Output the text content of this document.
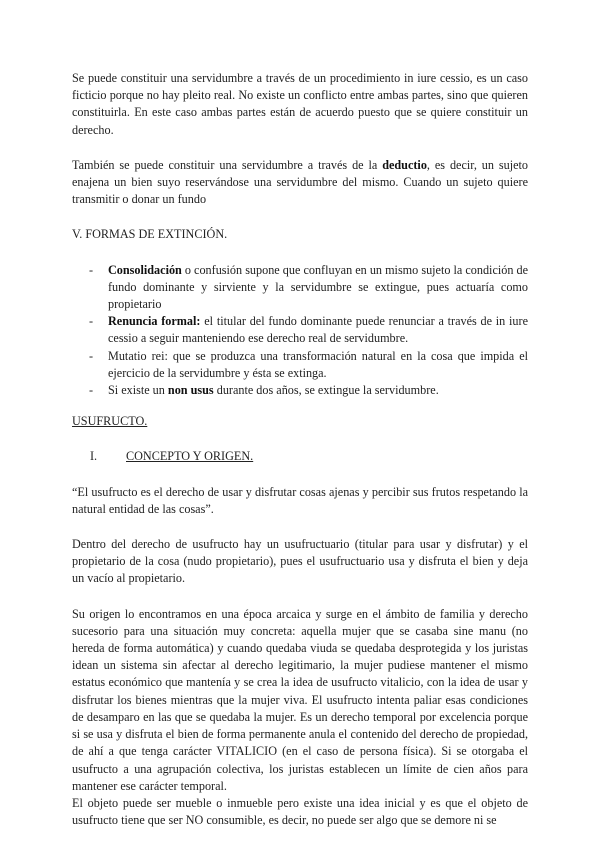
Se puede constituir una servidumbre a través de un procedimiento in iure cessio, es un caso ficticio porque no hay pleito real. No existe un conflicto entre ambas partes, sino que quieren constituirla. En este caso ambas partes están de acuerdo puesto que se quiere constituir un derecho.

También se puede constituir una servidumbre a través de la deductio, es decir, un sujeto enajena un bien suyo reservándose una servidumbre del mismo. Cuando un sujeto quiere transmitir o donar un fundo

V. FORMAS DE EXTINCIÓN.

- Consolidación o confusión supone que confluyan en un mismo sujeto la condición de fundo dominante y sirviente y la servidumbre se extingue, pues actuaría como propietario
- Renuncia formal: el titular del fundo dominante puede renunciar a través de in iure cessio a seguir manteniendo ese derecho real de servidumbre.
- Mutatio rei: que se produzca una transformación natural en la cosa que impida el ejercicio de la servidumbre y ésta se extinga.
- Si existe un non usus durante dos años, se extingue la servidumbre.

USUFRUCTO.

I.	CONCEPTO Y ORIGEN.

“El usufructo es el derecho de usar y disfrutar cosas ajenas y percibir sus frutos respetando la natural entidad de las cosas”.

Dentro del derecho de usufructo hay un usufructuario (titular para usar y disfrutar) y el propietario de la cosa (nudo propietario), pues el usufructuario usa y disfruta el bien y deja un vacío al propietario.

Su origen lo encontramos en una época arcaica y surge en el ámbito de familia y derecho sucesorio para una situación muy concreta: aquella mujer que se casaba sine manu (no hereda de forma automática) y cuando quedaba viuda se quedaba desprotegida y los juristas idean un sistema sin afectar al derecho legitimario, la mujer pudiese mantener el mismo estatus económico que mantenía y se crea la idea de usufructo vitalicio, con la idea de usar y disfrutar los bienes mientras que la mujer viva. El usufructo intenta paliar esas condiciones de desamparo en las que se quedaba la mujer. Es un derecho temporal por excelencia porque si se usa y disfruta el bien de forma permanente anula el contenido del derecho de propiedad, de ahí a que tenga carácter VITALICIO (en el caso de persona física). Si se otorgaba el usufructo a una agrupación colectiva, los juristas establecen un límite de cien años para mantener ese carácter temporal.

El objeto puede ser mueble o inmueble pero existe una idea inicial y es que el objeto de usufructo tiene que ser NO consumible, es decir, no puede ser algo que se demore ni se
